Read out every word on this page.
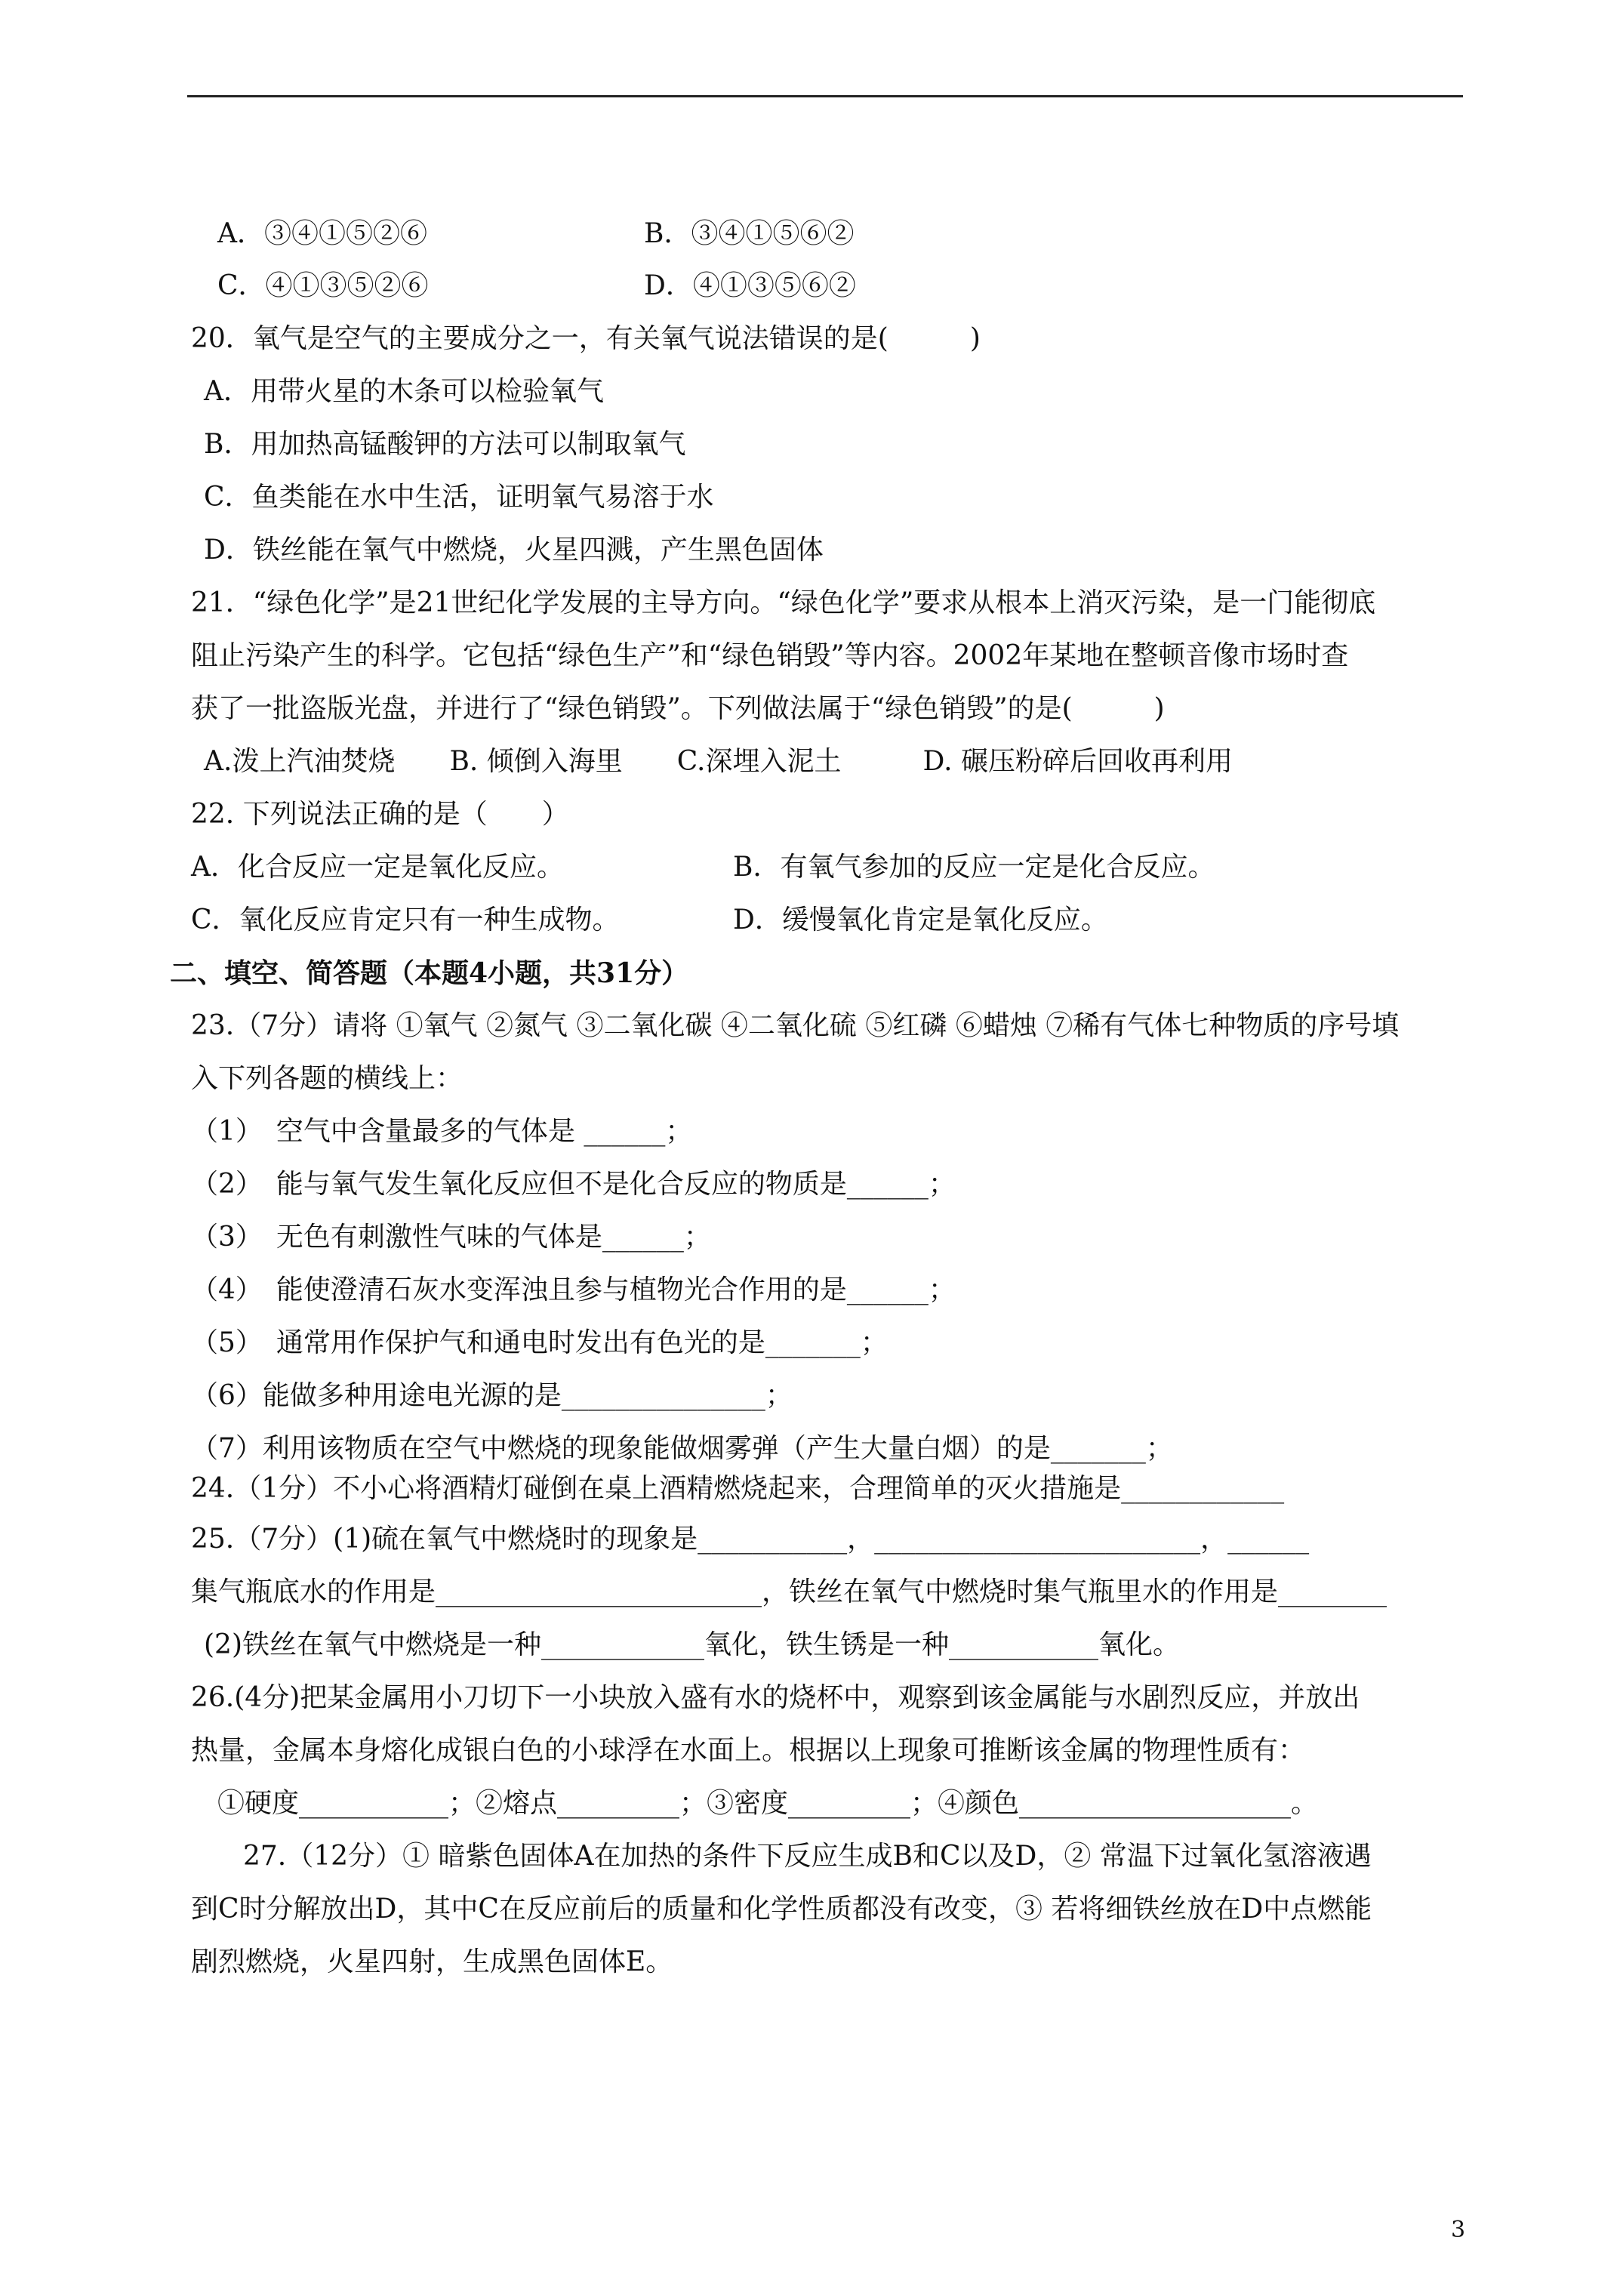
A．③④①⑤②⑥	B．③④①⑤⑥②
C．④①③⑤②⑥	D．④①③⑤⑥②
20．氧气是空气的主要成分之一，有关氧气说法错误的是(　　　)
A．用带火星的木条可以检验氧气
B．用加热高锰酸钾的方法可以制取氧气
C．鱼类能在水中生活，证明氧气易溶于水
D．铁丝能在氧气中燃烧，火星四溅，产生黑色固体
21．“绿色化学”是21世纪化学发展的主导方向。“绿色化学”要求从根本上消灭污染，是一门能彻底
阻止污染产生的科学。它包括“绿色生产”和“绿色销毁”等内容。2002年某地在整顿音像市场时查
获了一批盗版光盘，并进行了“绿色销毁”。下列做法属于“绿色销毁”的是(　　　)
A.泼上汽油焚烧　　B. 倾倒入海里　　C.深埋入泥土　　　D. 碾压粉碎后回收再利用
22. 下列说法正确的是（　　）
A．化合反应一定是氧化反应。	B．有氧气参加的反应一定是化合反应。
C．氧化反应肯定只有一种生成物。	D．缓慢氧化肯定是氧化反应。
二、填空、简答题（本题4小题，共31分）
23.（7分）请将 ①氧气 ②氮气 ③二氧化碳 ④二氧化硫 ⑤红磷 ⑥蜡烛 ⑦稀有气体七种物质的序号填
入下列各题的横线上：
（1）　空气中含量最多的气体是 ______；
（2）　能与氧气发生氧化反应但不是化合反应的物质是______；
（3）　无色有刺激性气味的气体是______；
（4）　能使澄清石灰水变浑浊且参与植物光合作用的是______；
（5）　通常用作保护气和通电时发出有色光的是_______；
（6）能做多种用途电光源的是_______________；
（7）利用该物质在空气中燃烧的现象能做烟雾弹（产生大量白烟）的是_______；
24.（1分）不小心将酒精灯碰倒在桌上酒精燃烧起来，合理简单的灭火措施是____________
25.（7分）(1)硫在氧气中燃烧时的现象是___________，________________________，______
集气瓶底水的作用是________________________，铁丝在氧气中燃烧时集气瓶里水的作用是________
(2)铁丝在氧气中燃烧是一种____________氧化，铁生锈是一种___________氧化。
26.(4分)把某金属用小刀切下一小块放入盛有水的烧杯中，观察到该金属能与水剧烈反应，并放出
热量，金属本身熔化成银白色的小球浮在水面上。根据以上现象可推断该金属的物理性质有：
①硬度___________；②熔点_________；③密度_________；④颜色____________________。
27.（12分）① 暗紫色固体A在加热的条件下反应生成B和C以及D，② 常温下过氧化氢溶液遇
到C时分解放出D，其中C在反应前后的质量和化学性质都没有改变，③ 若将细铁丝放在D中点燃能
剧烈燃烧，火星四射，生成黑色固体E。
3
